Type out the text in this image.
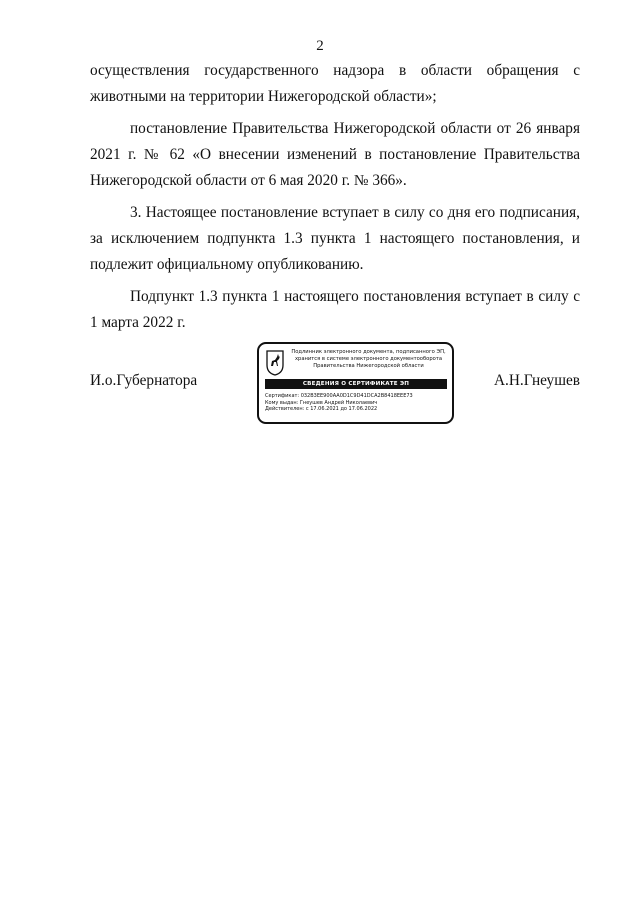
2

осуществления государственного надзора в области обращения с животными на территории Нижегородской области»;

постановление Правительства Нижегородской области от 26 января 2021 г. № 62 «О внесении изменений в постановление Правительства Нижегородской области от 6 мая 2020 г. № 366».

3. Настоящее постановление вступает в силу со дня его подписания, за исключением подпункта 1.3 пункта 1 настоящего постановления, и подлежит официальному опубликованию.

Подпункт 1.3 пункта 1 настоящего постановления вступает в силу с 1 марта 2022 г.

И.о.Губернатора
Подлинник электронного документа, подписанного ЭП, хранится в системе электронного документооборота Правительства Нижегородской области
СВЕДЕНИЯ О СЕРТИФИКАТЕ ЭП
Сертификат: 032B3EE900AA0D1C9D41DCA2B8418EEE73
Кому выдан: Гнеушев Андрей Николаевич
Действителен: с 17.06.2021 до 17.06.2022
А.Н.Гнеушев
